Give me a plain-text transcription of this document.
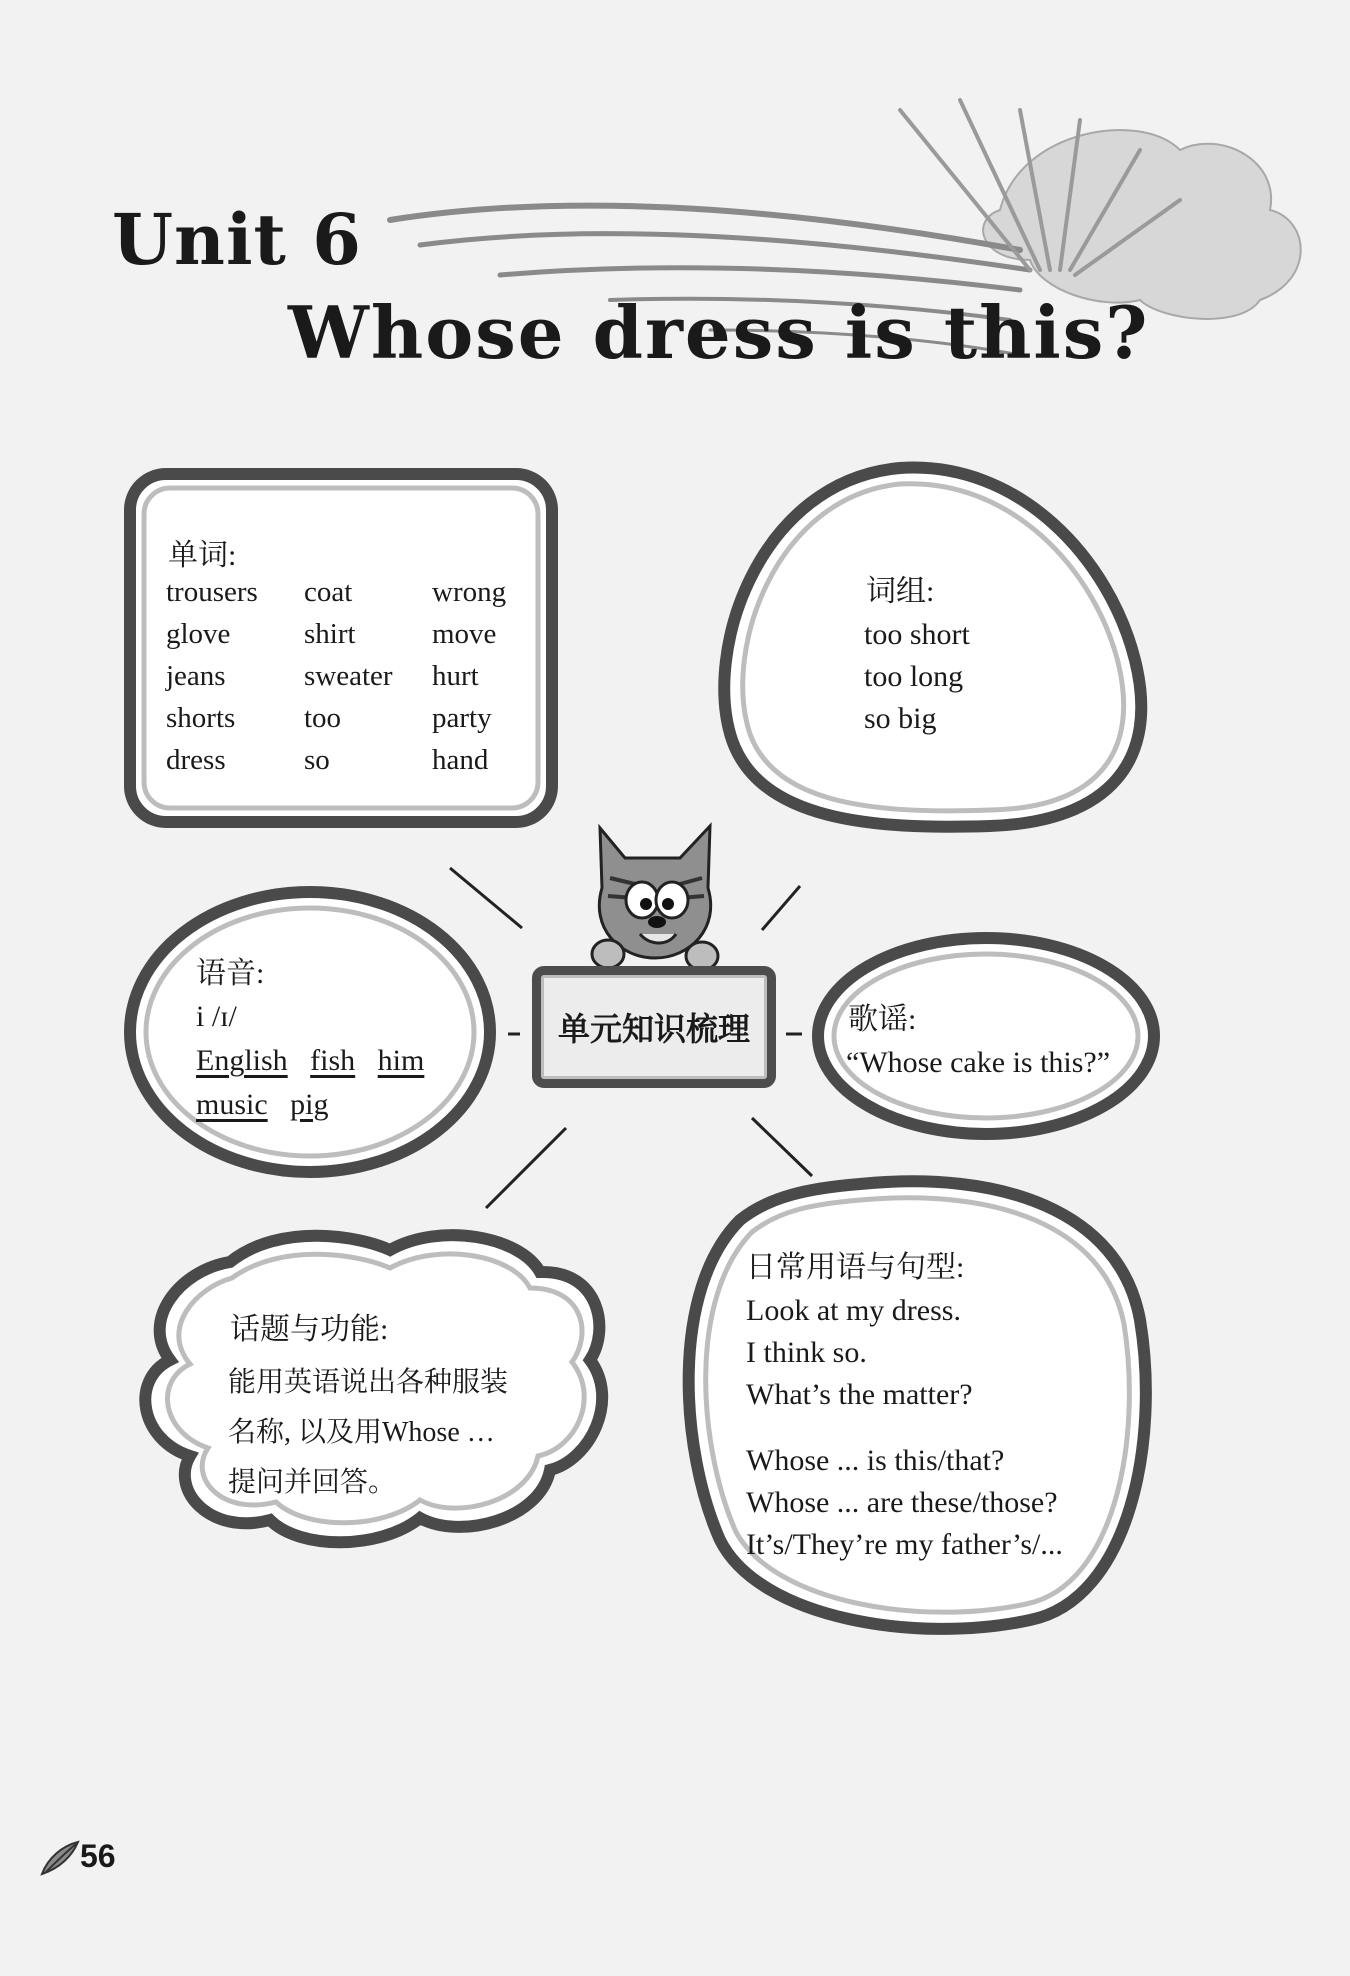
Unit 6
Whose dress is this?
单元知识梳理
单词:
trousers
glove
jeans
shorts
dress
coat
shirt
sweater
too
so
wrong
move
hurt
party
hand
词组:
too short
too long
so big
语音:
i /ɪ/
English fish him
music pig
歌谣:
“Whose cake is this?”
话题与功能:
能用英语说出各种服装
名称, 以及用Whose …
提问并回答。
日常用语与句型:
Look at my dress.
I think so.
What’s the matter?
Whose ... is this/that?
Whose ... are these/those?
It’s/They’re my father’s/...
56
